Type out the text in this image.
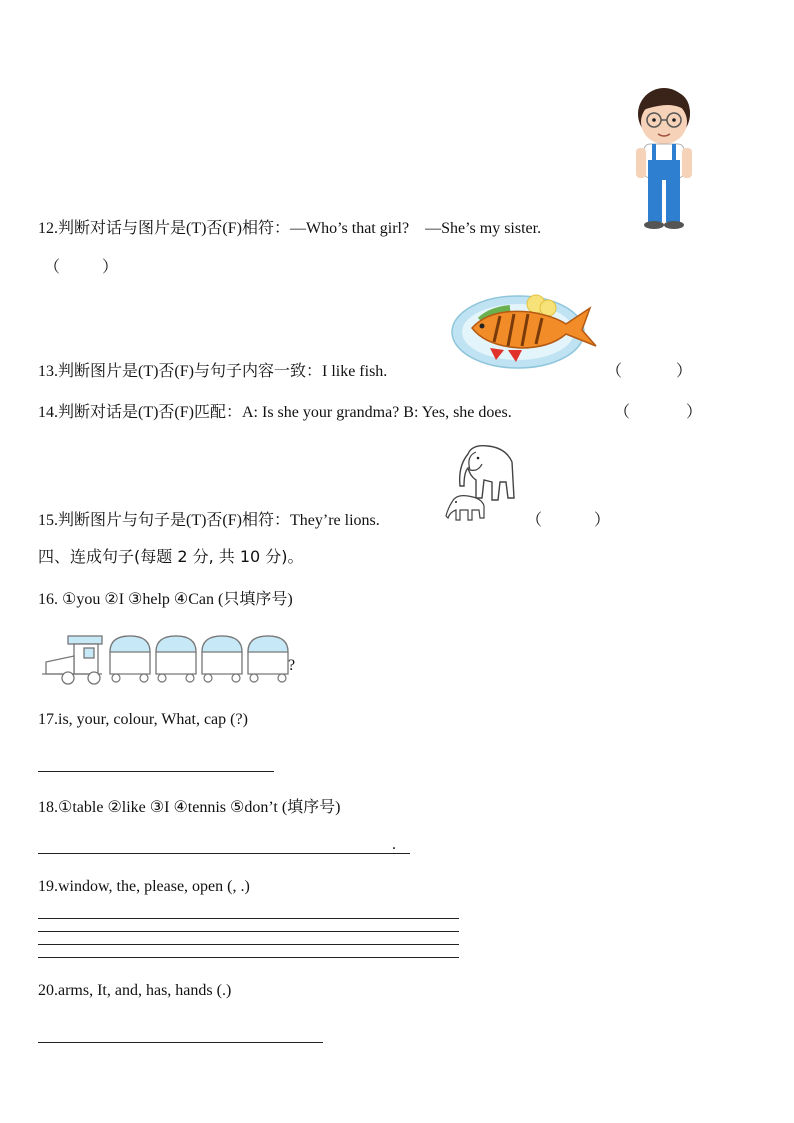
12.判断对话与图片是(T)否(F)相符：—Who’s that girl?　—She’s my sister.
（	）
13.判断图片是(T)否(F)与句子内容一致：I like fish.	（	）
14.判断对话是(T)否(F)匹配：A: Is she your grandma? B: Yes, she does.	（	）
15.判断图片与句子是(T)否(F)相符：They’re lions.	（	）
四、连成句子(每题 2 分, 共 10 分)。
16. ①you ②I ③help ④Can (只填序号)
?
17.is, your, colour, What, cap (?)
18.①table ②like ③I ④tennis ⑤don’t (填序号)
.
19.window, the, please, open (, .)
20.arms, It, and, has, hands (.)
